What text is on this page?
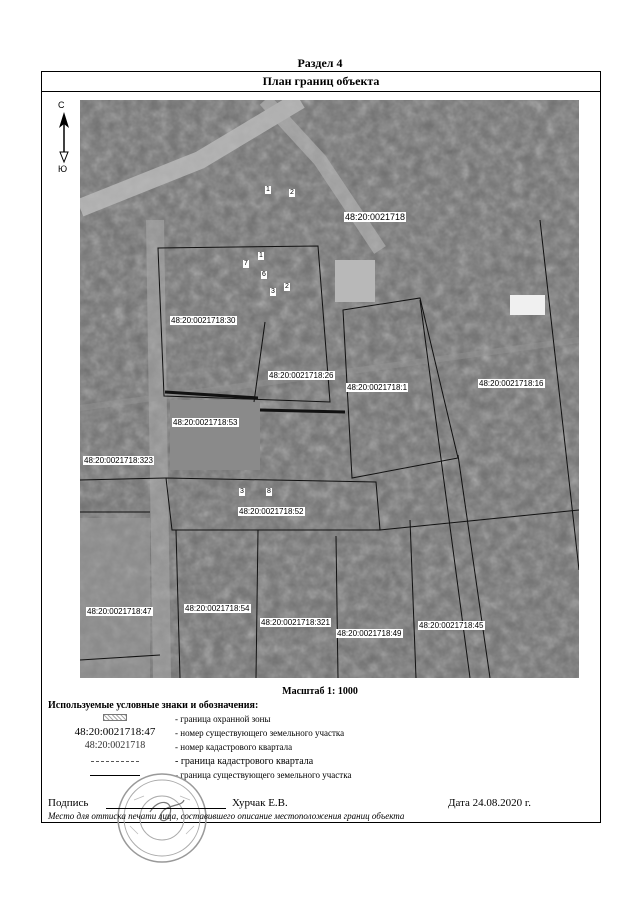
Раздел 4
План границ объекта
С
Ю
48:20:0021718
48:20:0021718:30
48:20:0021718:26
48:20:0021718:1	48:20:0021718:16
48:20:0021718:53
48:20:0021718:323
48:20:0021718:52
48:20:0021718:47	48:20:0021718:54
48:20:0021718:321
48:20:0021718:49
48:20:0021718:45
1	2
7
1
6
3
2
3	8
Масштаб 1: 1000
Используемые условные знаки и обозначения:
48:20:0021718:47
48:20:0021718
- граница охранной зоны
- номер существующего земельного участка
- номер кадастрового квартала
- граница кадастрового квартала
- граница существующего земельного участка
Подпись	Хурчак Е.В.	Дата 24.08.2020 г.
Место для оттиска печати лица, составившего описание местоположения границ объекта
